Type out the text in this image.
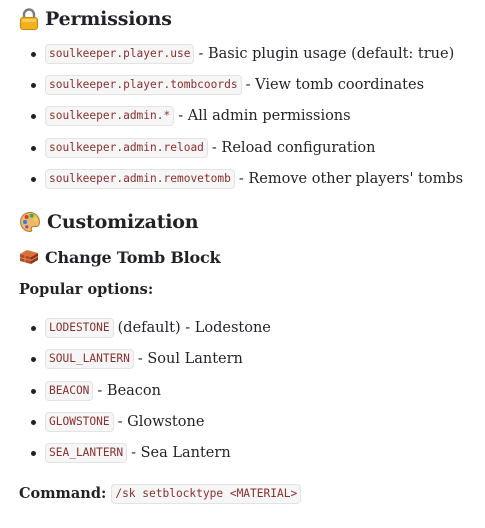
Permissions
soulkeeper.player.use - Basic plugin usage (default: true)
soulkeeper.player.tombcoords - View tomb coordinates
soulkeeper.admin.* - All admin permissions
soulkeeper.admin.reload - Reload configuration
soulkeeper.admin.removetomb - Remove other players' tombs
Customization
Change Tomb Block
Popular options:
LODESTONE (default) - Lodestone
SOUL_LANTERN - Soul Lantern
BEACON - Beacon
GLOWSTONE - Glowstone
SEA_LANTERN - Sea Lantern
Command: /sk setblocktype <MATERIAL>
